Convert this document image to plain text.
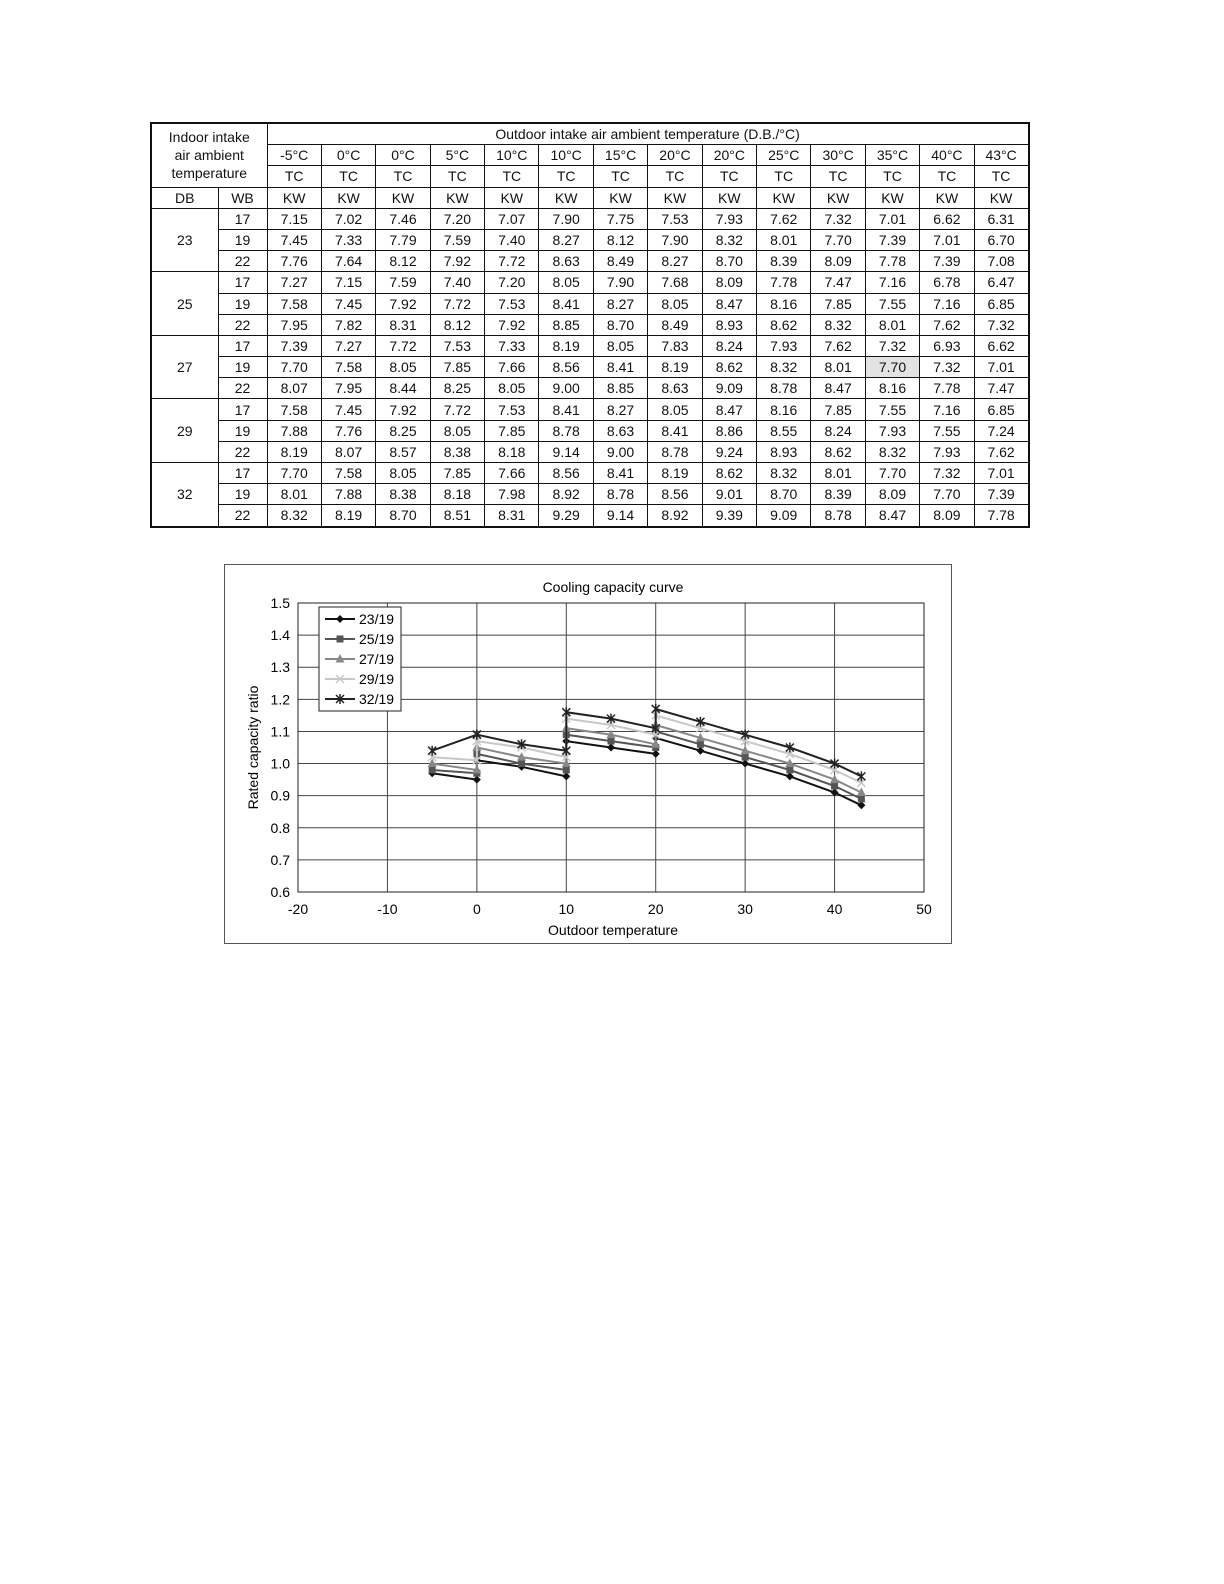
Indoor intake
air ambient
temperature		Outdoor intake air ambient temperature (D.B./°C)													
		-5°C	0°C	0°C	5°C	10°C	10°C	15°C	20°C	20°C	25°C	30°C	35°C	40°C	43°C
		TC	TC	TC	TC	TC	TC	TC	TC	TC	TC	TC	TC	TC	TC
DB	WB	KW	KW	KW	KW	KW	KW	KW	KW	KW	KW	KW	KW	KW	KW
23	17	7.15	7.02	7.46	7.20	7.07	7.90	7.75	7.53	7.93	7.62	7.32	7.01	6.62	6.31
	19	7.45	7.33	7.79	7.59	7.40	8.27	8.12	7.90	8.32	8.01	7.70	7.39	7.01	6.70
	22	7.76	7.64	8.12	7.92	7.72	8.63	8.49	8.27	8.70	8.39	8.09	7.78	7.39	7.08
25	17	7.27	7.15	7.59	7.40	7.20	8.05	7.90	7.68	8.09	7.78	7.47	7.16	6.78	6.47
	19	7.58	7.45	7.92	7.72	7.53	8.41	8.27	8.05	8.47	8.16	7.85	7.55	7.16	6.85
	22	7.95	7.82	8.31	8.12	7.92	8.85	8.70	8.49	8.93	8.62	8.32	8.01	7.62	7.32
27	17	7.39	7.27	7.72	7.53	7.33	8.19	8.05	7.83	8.24	7.93	7.62	7.32	6.93	6.62
	19	7.70	7.58	8.05	7.85	7.66	8.56	8.41	8.19	8.62	8.32	8.01	7.70	7.32	7.01
	22	8.07	7.95	8.44	8.25	8.05	9.00	8.85	8.63	9.09	8.78	8.47	8.16	7.78	7.47
29	17	7.58	7.45	7.92	7.72	7.53	8.41	8.27	8.05	8.47	8.16	7.85	7.55	7.16	6.85
	19	7.88	7.76	8.25	8.05	7.85	8.78	8.63	8.41	8.86	8.55	8.24	7.93	7.55	7.24
	22	8.19	8.07	8.57	8.38	8.18	9.14	9.00	8.78	9.24	8.93	8.62	8.32	7.93	7.62
32	17	7.70	7.58	8.05	7.85	7.66	8.56	8.41	8.19	8.62	8.32	8.01	7.70	7.32	7.01
	19	8.01	7.88	8.38	8.18	7.98	8.92	8.78	8.56	9.01	8.70	8.39	8.09	7.70	7.39
	22	8.32	8.19	8.70	8.51	8.31	9.29	9.14	8.92	9.39	9.09	8.78	8.47	8.09	7.78
Cooling capacity curve
0.6
0.7
0.8
0.9
1.0
1.1
1.2
1.3
1.4
1.5
-20	-10	0	10	20	30	40	50
Outdoor temperature
Rated capacity ratio
23/19
25/19
27/19
29/19
32/19
